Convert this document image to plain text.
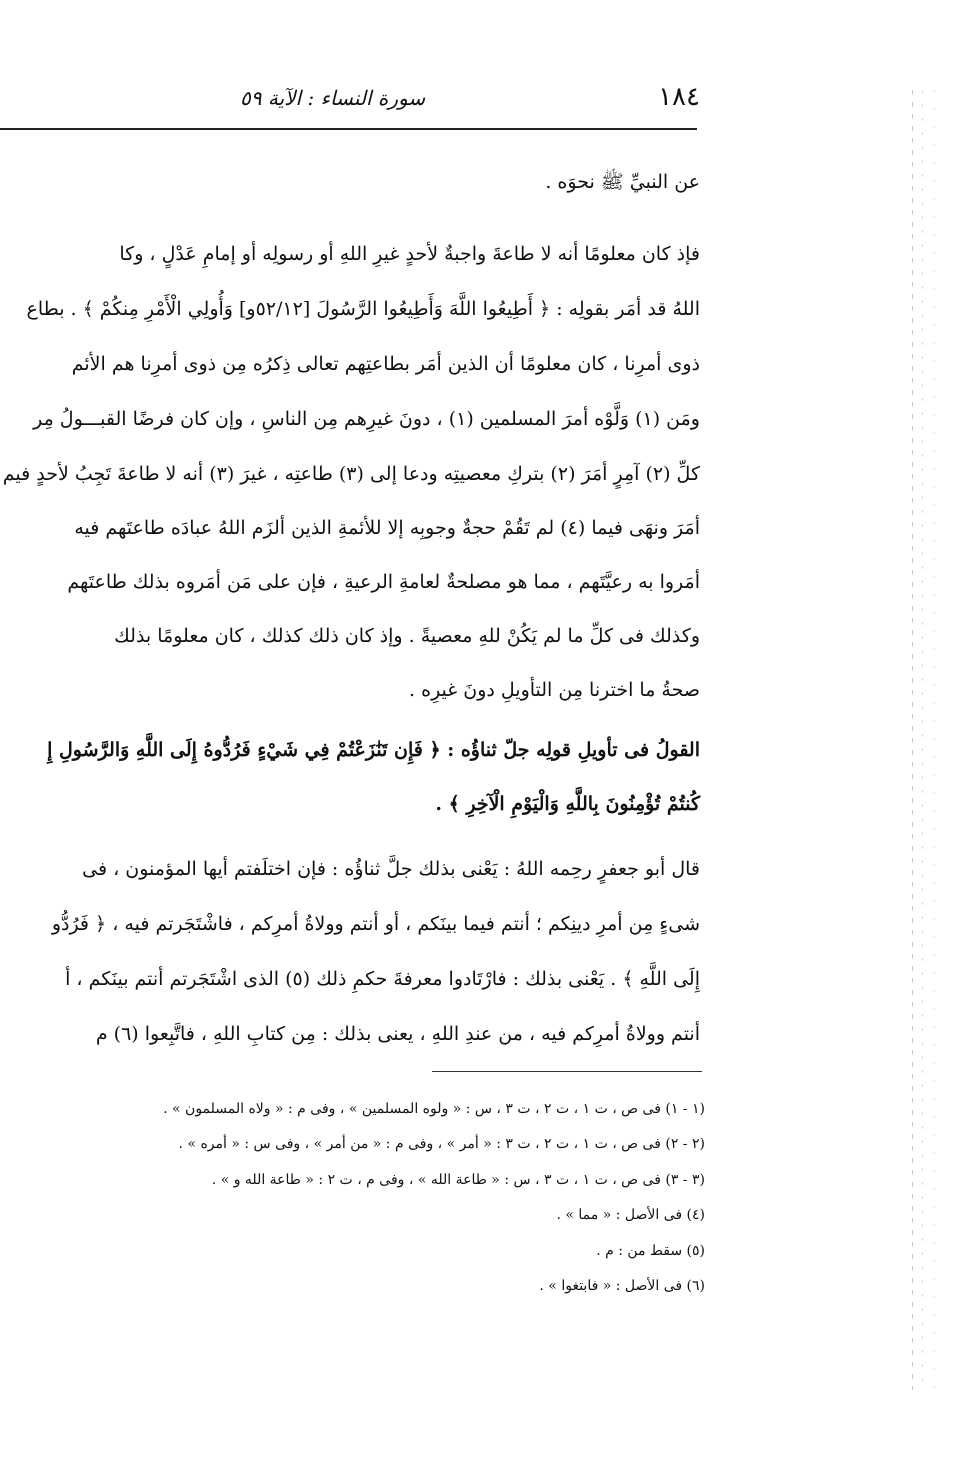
١٨٤
سورة النساء : الآية ٥٩
عن النبيِّ ﷺ نحوَه .
فإذ كان معلومًا أنه لا طاعةَ واجبةٌ لأحدٍ غيرِ اللهِ أو رسولِه أو إمامِ عَدْلٍ ، وكا
اللهُ قد أمَر بقولِه : ﴿ أَطِيعُوا اللَّهَ وَأَطِيعُوا الرَّسُولَ [٥٢/١٢و] وَأُولِي الْأَمْرِ مِنكُمْ ﴾ . بطاع
ذوى أمرِنا ، كان معلومًا أن الذين أمَر بطاعتِهم تعالى ذِكرُه مِن ذوى أمرِنا هم الأئم
ومَن (١) وَلَّوْه أمرَ المسلمين (١) ، دونَ غيرِهم مِن الناسِ ، وإن كان فرضًا القبـــولُ مِر
كلِّ (٢) آمِرٍ أمَرَ (٢) بتركِ معصيتِه ودعا إلى (٣) طاعتِه ، غيرَ (٣) أنه لا طاعةَ تَجِبُ لأحدٍ فيم
أمَرَ ونهَى فيما (٤) لم تَقُمْ حجةٌ وجوبِه إلا للأئمةِ الذين ألزَم اللهُ عبادَه طاعتَهم فيه
أمَروا به رعيَّتَهم ، مما هو مصلحةٌ لعامةِ الرعيةِ ، فإن على مَن أمَروه بذلك طاعتَهم
وكذلك فى كلِّ ما لم يَكُنْ للهِ معصيةً . وإذ كان ذلك كذلك ، كان معلومًا بذلك
صحةُ ما اخترنا مِن التأويلِ دونَ غيرِه .
القولُ فى تأويلِ قولِه جلّ ثناؤُه : ﴿ فَإِن تَنَٰزَعْتُمْ فِي شَيْءٍ فَرُدُّوهُ إِلَى اللَّهِ وَالرَّسُولِ إِ
كُنتُمْ تُؤْمِنُونَ بِاللَّهِ وَالْيَوْمِ الْآخِرِ ﴾ .
قال أبو جعفرٍ رحِمه اللهُ : يَعْنى بذلك جلَّ ثناؤُه : فإن اختلَفتم أيها المؤمنون ، فى
شىءٍ مِن أمرِ دينِكم ؛ أنتم فيما بينَكم ، أو أنتم وولاةُ أمرِكم ، فاشْتَجَرتم فيه ، ﴿ فَرُدُّو
إِلَى اللَّهِ ﴾ . يَعْنى بذلك : فارْتَادوا معرفةَ حكمِ ذلك (٥) الذى اشْتَجَرتم أنتم بينَكم ، أ
أنتم وولاةُ أمرِكم فيه ، من عندِ اللهِ ، يعنى بذلك : مِن كتابِ اللهِ ، فاتَّبِعوا (٦) م
(١ - ١) فى ص ، ت ١ ، ت ٢ ، ت ٣ ، س : « ولوه المسلمين » ، وفى م : « ولاه المسلمون » .
(٢ - ٢) فى ص ، ت ١ ، ت ٢ ، ت ٣ : « أمر » ، وفى م : « من أمر » ، وفى س : « أمره » .
(٣ - ٣) فى ص ، ت ١ ، ت ٣ ، س : « طاعة الله » ، وفى م ، ت ٢ : « طاعة الله و » .
(٤) فى الأصل : « مما » .
(٥) سقط من : م .
(٦) فى الأصل : « فابتغوا » .
